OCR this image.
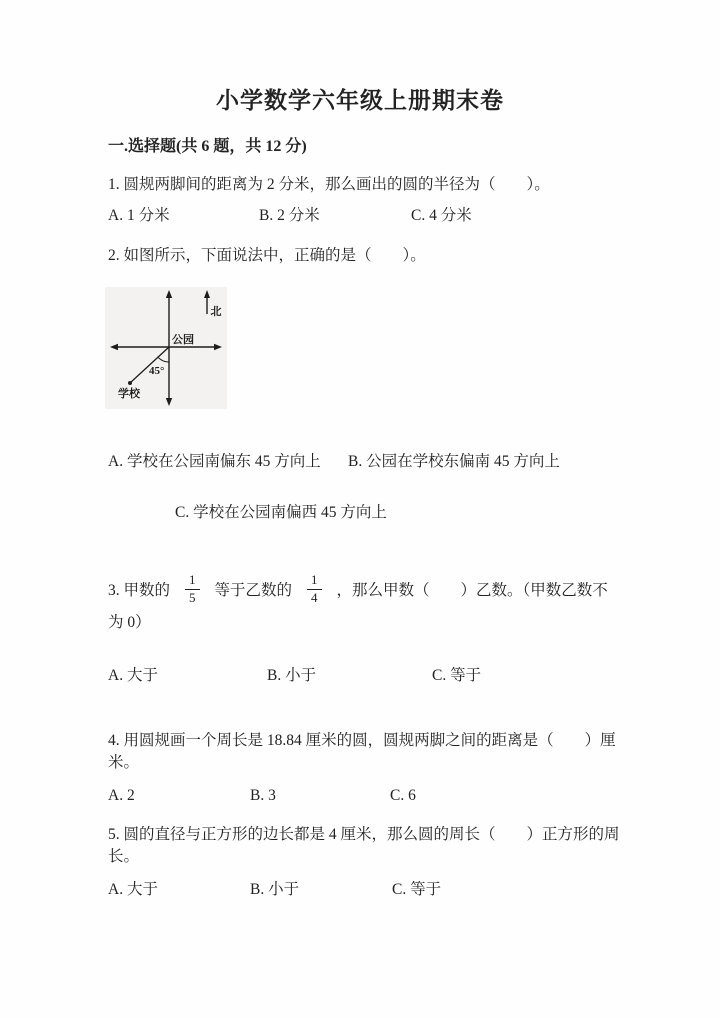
小学数学六年级上册期末卷
一.选择题(共 6 题，共 12 分)
1. 圆规两脚间的距离为 2 分米，那么画出的圆的半径为（　　）。
A. 1 分米	B. 2 分米	C. 4 分米
2. 如图所示，下面说法中，正确的是（　　）。
北
公园
学校
45°
A. 学校在公园南偏东 45 方向上 B. 公园在学校东偏南 45 方向上
C. 学校在公园南偏西 45 方向上
3. 甲数的 $\frac{1}{5}$ 等于乙数的 $\frac{1}{4}$ ，那么甲数（　　）乙数。（甲数乙数不
为 0）
A. 大于	B. 小于	C. 等于
4. 用圆规画一个周长是 18.84 厘米的圆，圆规两脚之间的距离是（　　）厘
米。
A. 2	B. 3	C. 6
5. 圆的直径与正方形的边长都是 4 厘米，那么圆的周长（　　）正方形的周
长。
A. 大于	B. 小于	C. 等于
